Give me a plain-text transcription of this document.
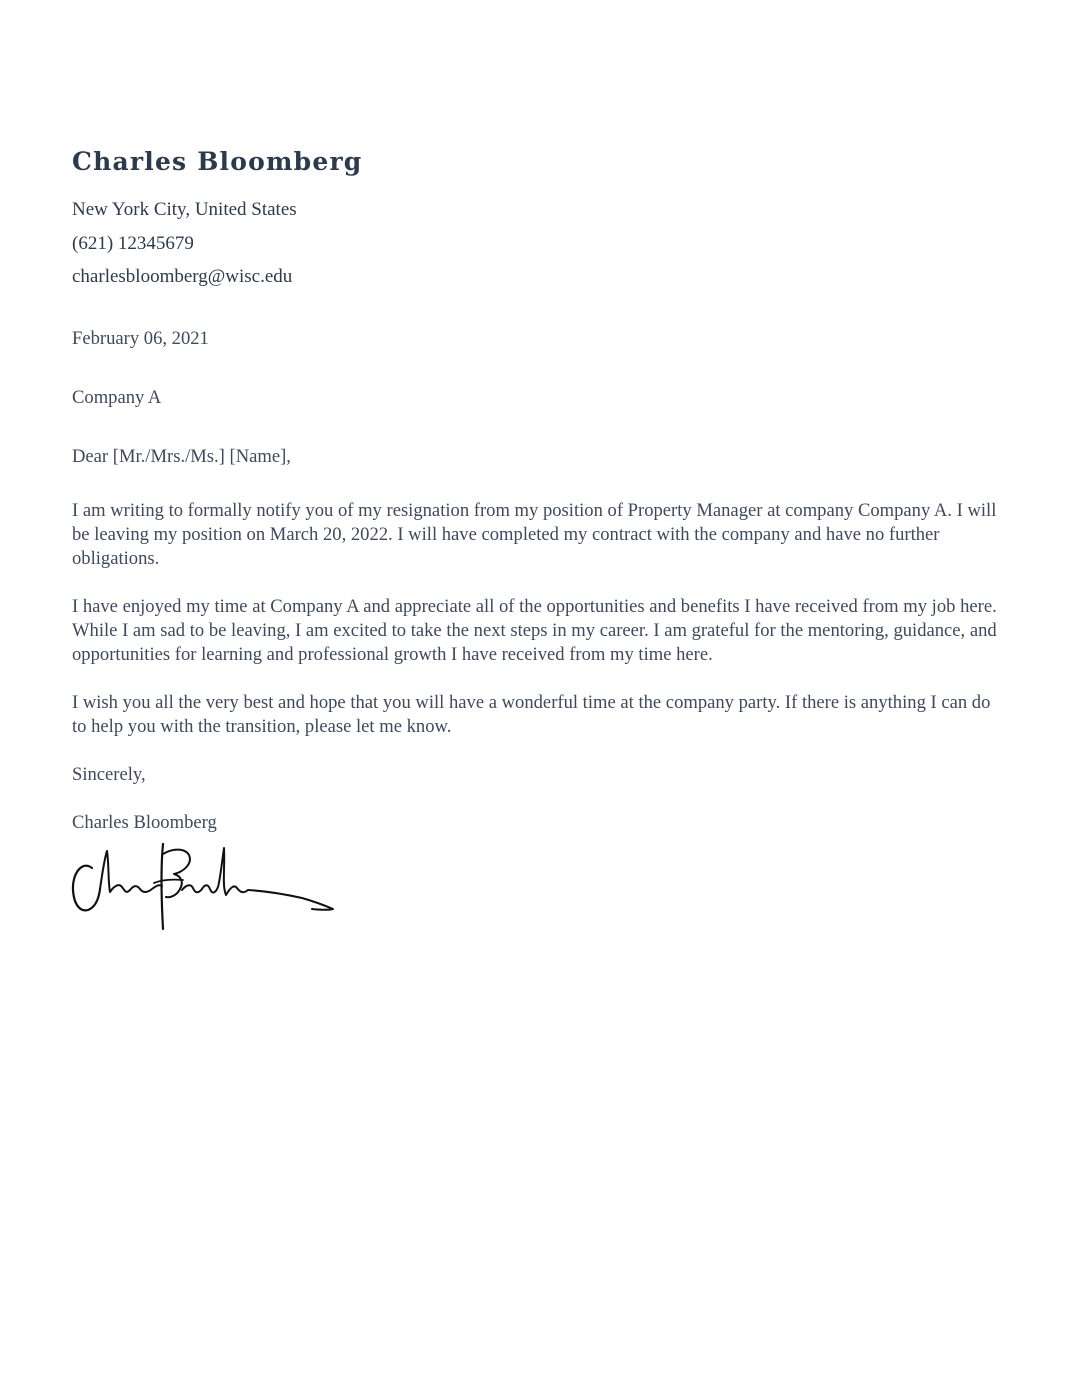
Charles Bloomberg
New York City, United States
(621) 12345679
charlesbloomberg@wisc.edu

February 06, 2021

Company A

Dear [Mr./Mrs./Ms.] [Name],

I am writing to formally notify you of my resignation from my position of Property Manager at company Company A. I will be leaving my position on March 20, 2022. I will have completed my contract with the company and have no further obligations.

I have enjoyed my time at Company A and appreciate all of the opportunities and benefits I have received from my job here. While I am sad to be leaving, I am excited to take the next steps in my career. I am grateful for the mentoring, guidance, and opportunities for learning and professional growth I have received from my time here.

I wish you all the very best and hope that you will have a wonderful time at the company party. If there is anything I can do to help you with the transition, please let me know.

Sincerely,

Charles Bloomberg
